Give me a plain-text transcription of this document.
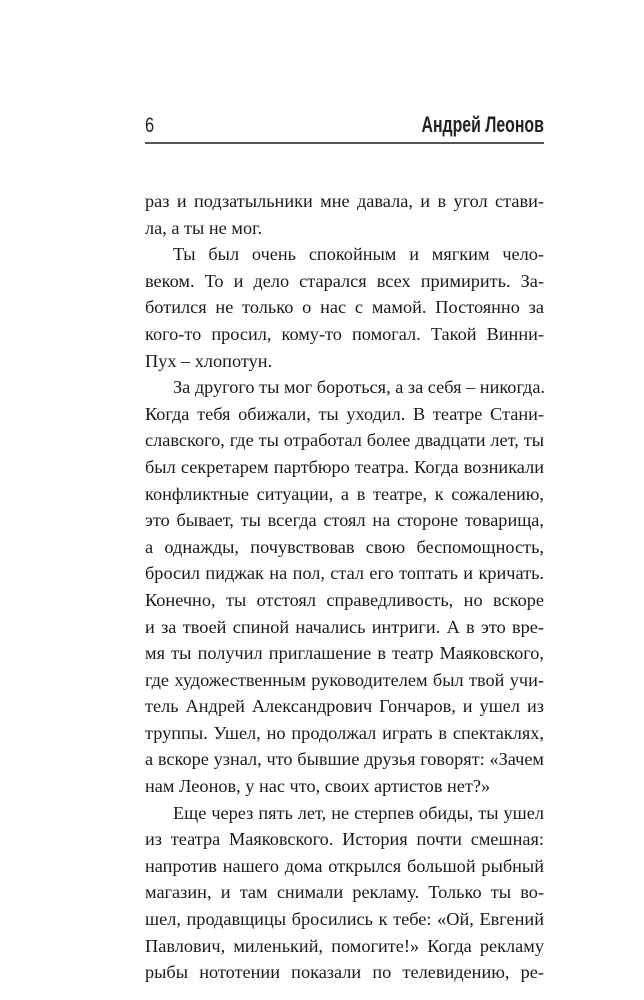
6	Андрей Леонов
раз и подзатыльники мне давала, и в угол стави-
ла, а ты не мог.
Ты был очень спокойным и мягким чело-
веком. То и дело старался всех примирить. За-
ботился не только о нас с мамой. Постоянно за
кого-то просил, кому-то помогал. Такой Винни-
Пух – хлопотун.
За другого ты мог бороться, а за себя – никогда.
Когда тебя обижали, ты уходил. В театре Стани-
славского, где ты отработал более двадцати лет, ты
был секретарем партбюро театра. Когда возникали
конфликтные ситуации, а в театре, к сожалению,
это бывает, ты всегда стоял на стороне товарища,
а однажды, почувствовав свою беспомощность,
бросил пиджак на пол, стал его топтать и кричать.
Конечно, ты отстоял справедливость, но вскоре
и за твоей спиной начались интриги. А в это вре-
мя ты получил приглашение в театр Маяковского,
где художественным руководителем был твой учи-
тель Андрей Александрович Гончаров, и ушел из
труппы. Ушел, но продолжал играть в спектаклях,
а вскоре узнал, что бывшие друзья говорят: «Зачем
нам Леонов, у нас что, своих артистов нет?»
Еще через пять лет, не стерпев обиды, ты ушел
из театра Маяковского. История почти смешная:
напротив нашего дома открылся большой рыбный
магазин, и там снимали рекламу. Только ты во-
шел, продавщицы бросились к тебе: «Ой, Евгений
Павлович, миленький, помогите!» Когда рекламу
рыбы нототении показали по телевидению, ре-
